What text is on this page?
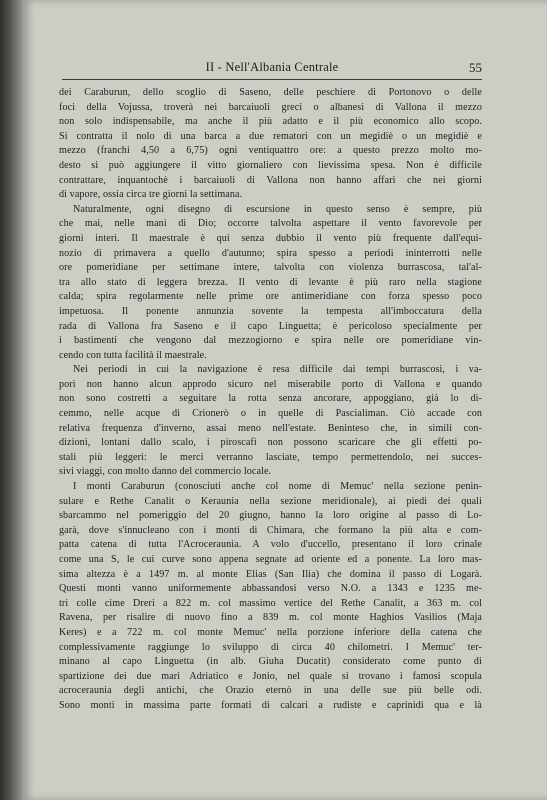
II - Nell'Albania Centrale	55
dei Caraburun, dello scoglio di Saseno, delle peschiere di Portonovo o delle
foci della Vojussa, troverà nei barcaiuoli greci o albanesi di Vallona il mezzo
non solo indispensabile, ma anche il più adatto e il più economico allo scopo.
Si contratta il nolo di una barca a due rematori con un megidiè o un megidiè e
mezzo (franchi 4,50 a 6,75) ogni ventiquattro ore: a questo prezzo molto mo-
desto si può aggiungere il vitto giornaliero con lievissima spesa. Non è difficile
contrattare, inquantochè i barcaiuoli di Vallona non hanno affari che nei giorni
di vapore, ossia circa tre giorni la settimana.
Naturalmente, ogni disegno di escursione in questo senso è sempre, più
che mai, nelle mani di Dio; occorre talvolta aspettare il vento favorevole per
giorni interi. Il maestrale è qui senza dubbio il vento più frequente dall'equi-
nozio di primavera a quello d'autunno; spira spesso a periodi ininterrotti nelle
ore pomeridiane per settimane intere, talvolta con violenza burrascosa, tal'al-
tra allo stato di leggera brezza. Il vento di levante è più raro nella stagione
calda; spira regolarmente nelle prime ore antimeridiane con forza spesso poco
impetuosa. Il ponente annunzia sovente la tempesta all'imboccatura della
rada di Vallona fra Saseno e il capo Linguetta; è pericoloso specialmente per
i bastimenti che vengono dal mezzogiorno e spira nelle ore pomeridiane vin-
cendo con tutta facilità il maestrale.
Nei periodi in cui la navigazione è resa difficile dai tempi burrascosi, i va-
pori non hanno alcun approdo sicuro nel miserabile porto di Vallona e quando
non sono costretti a seguitare la rotta senza ancorare, appoggiano, già lo di-
cemmo, nelle acque di Crionerò o in quelle di Pascialiman. Ciò accade con
relativa frequenza d'inverno, assai meno nell'estate. Beninteso che, in simili con-
dizioni, lontani dallo scalo, i piroscafi non possono scaricare che gli effetti po-
stali più leggeri: le merci verranno lasciate, tempo permettendolo, nei succes-
sivi viaggi, con molto danno del commercio locale.
I monti Caraburun (conosciuti anche col nome di Memuc' nella sezione penin-
sulare e Rethe Canalit o Keraunia nella sezione meridionale), ai piedi dei quali
sbarcammo nel pomeriggio del 20 giugno, hanno la loro origine al passo di Lo-
garà, dove s'innucleano con i monti di Chimara, che formano la più alta e com-
patta catena di tutta l'Acroceraunia. A volo d'uccello, presentano il loro crinale
come una S, le cui curve sono appena segnate ad oriente ed a ponente. La loro mas-
sima altezza è a 1497 m. al monte Elias (San Ilia) che domina il passo di Logarà.
Questi monti vanno uniformemente abbassandosi verso N.O. a 1343 e 1235 me-
tri colle cime Dreri a 822 m. col massimo vertice del Rethe Canalit, a 363 m. col
Ravena, per risalire di nuovo fino a 839 m. col monte Haghios Vasilios (Maja
Keres) e a 722 m. col monte Memuc' nella porzione inferiore della catena che
complessivamente raggiunge lo sviluppo di circa 40 chilometri. I Memuc' ter-
minano al capo Linguetta (in alb. Giuha Ducatit) considerato come punto di
spartizione dei due mari Adriatico e Jonio, nel quale si trovano i famosi scopula
acroceraunia degli antichi, che Orazio eternò in una delle sue più belle odi.
Sono monti in massima parte formati di calcari a rudiste e caprinidi qua e là
